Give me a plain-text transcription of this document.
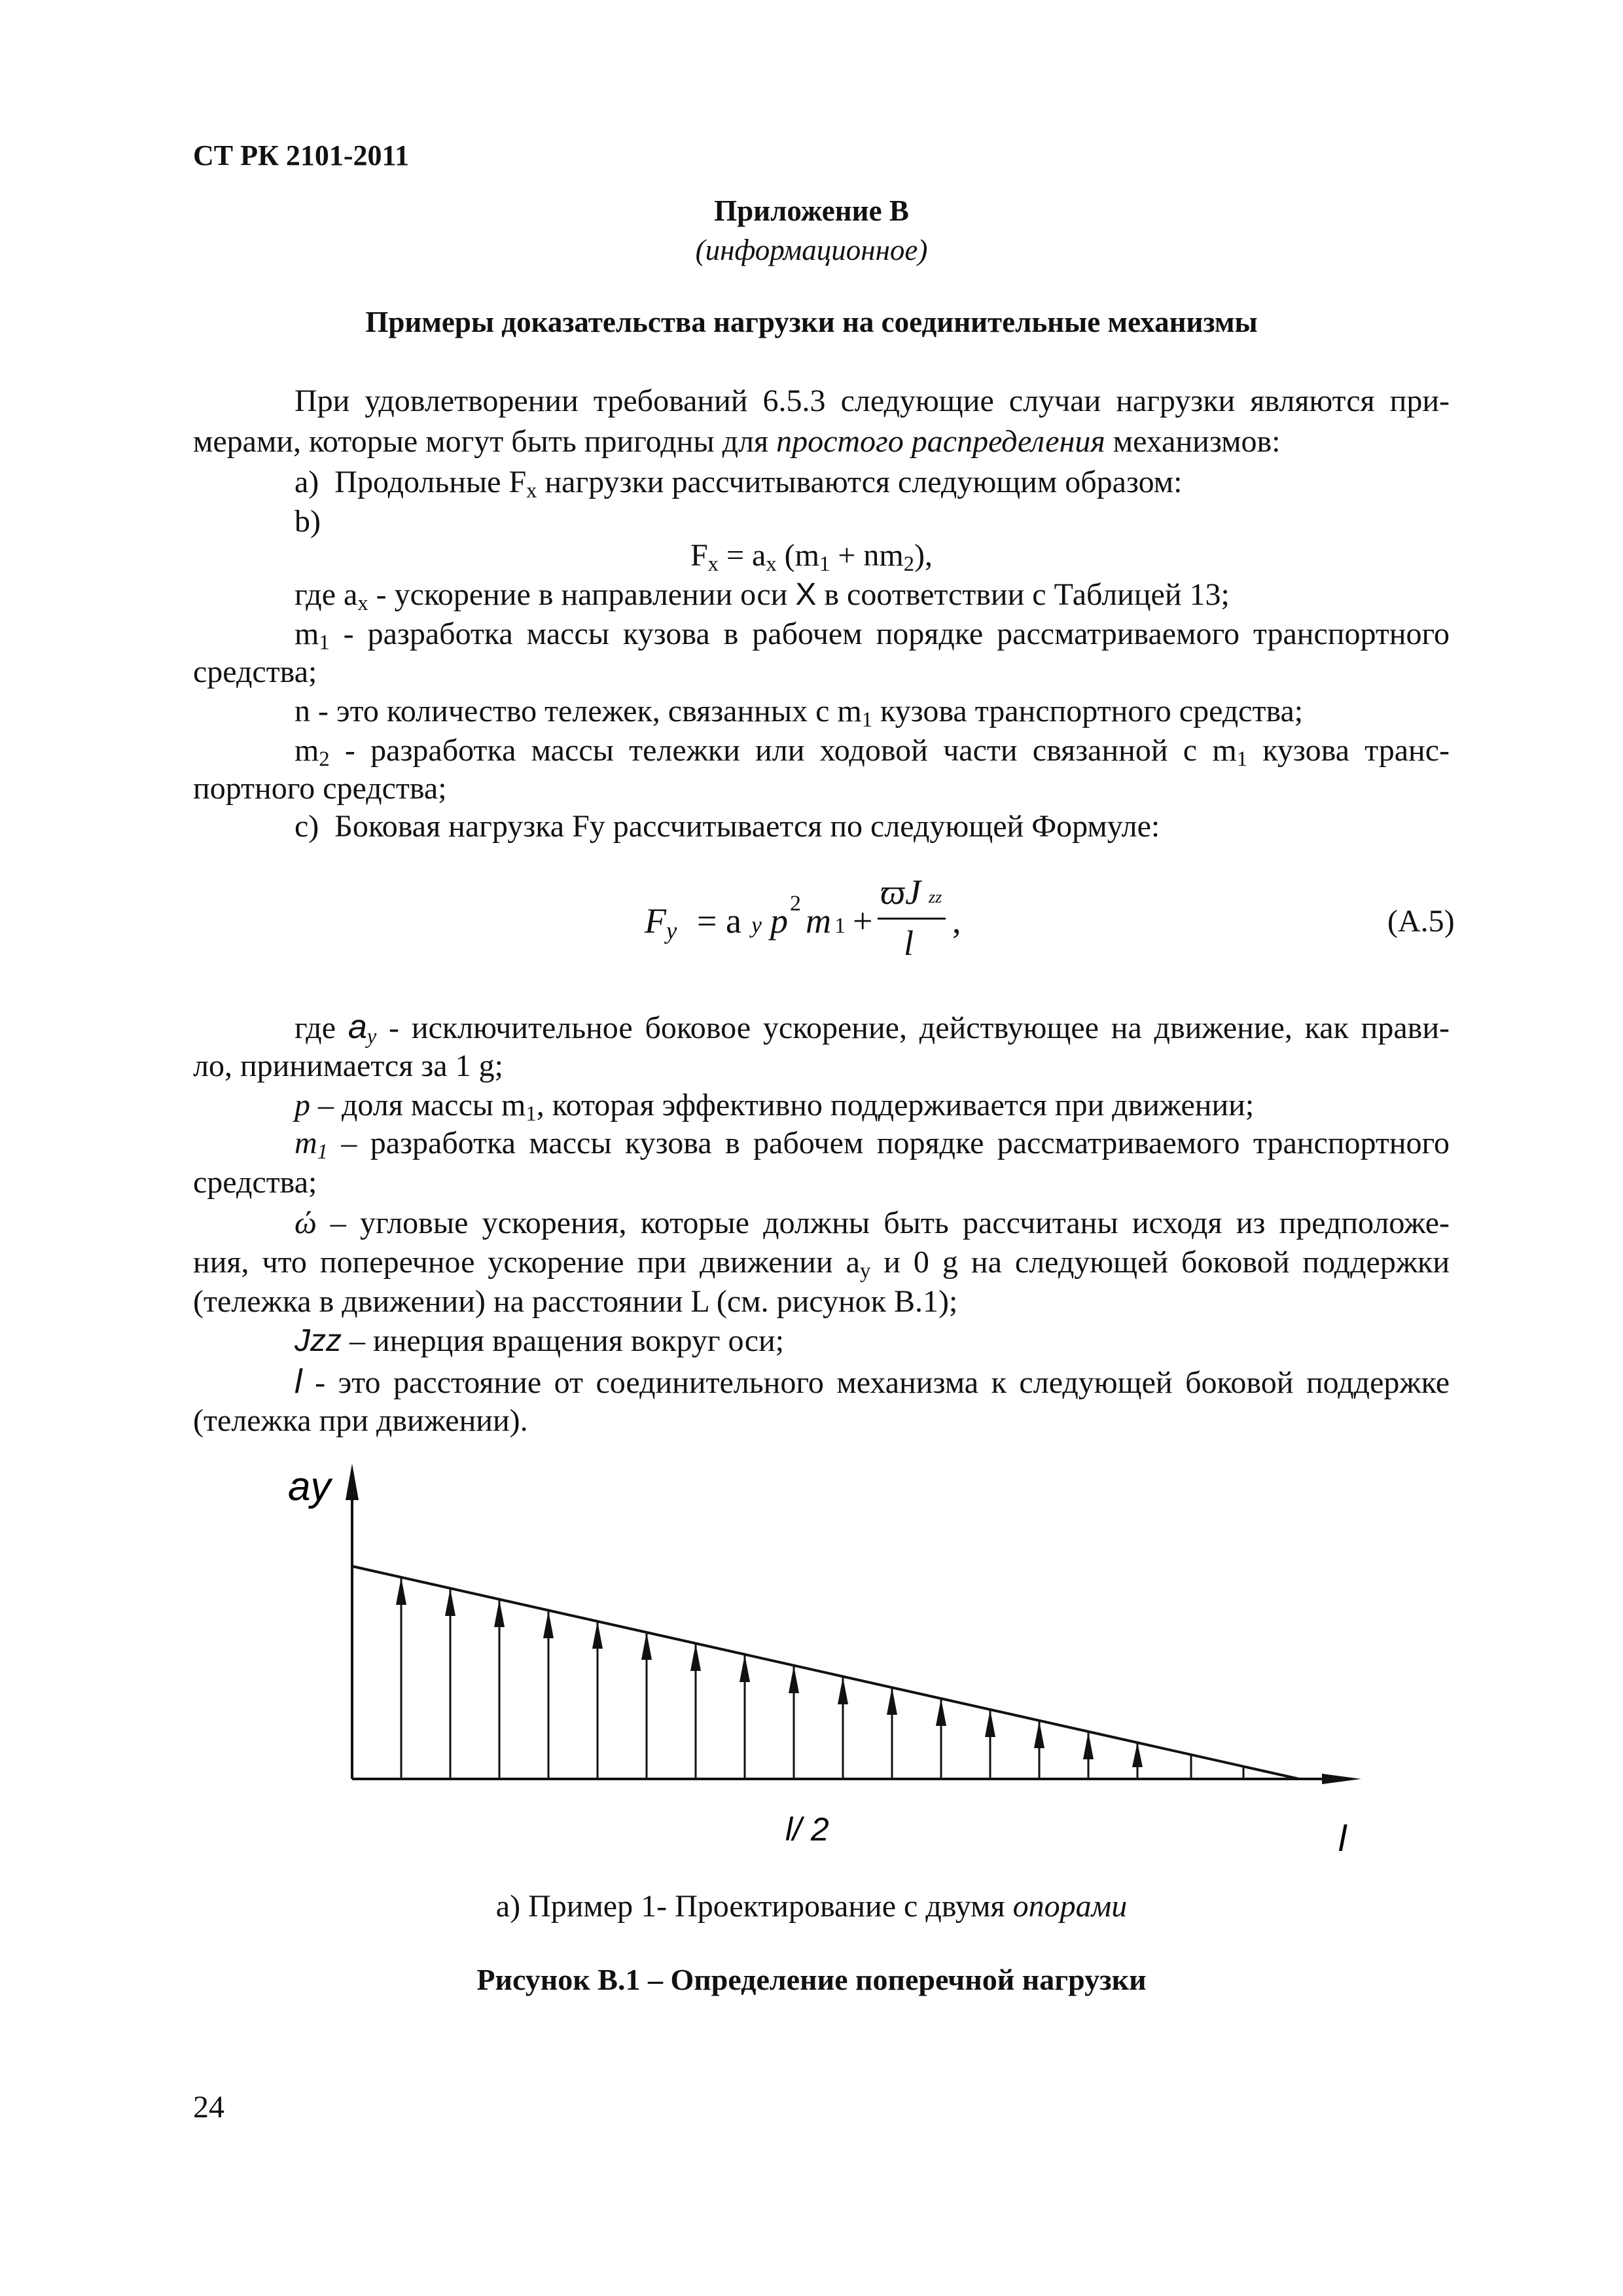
СТ РК 2101-2011
Приложение В
(информационное)
Примеры доказательства нагрузки на соединительные механизмы
При удовлетворении требований 6.5.3 следующие случаи нагрузки являются при-
мерами, которые могут быть пригодны для простого распределения механизмов:
а) Продольные $F_x$ нагрузки рассчитываются следующим образом:
b)
$F_x = a_x$ $(m_1 + nm_2)$,
где $a_x$ - ускорение в направлении оси X в соответствии с Таблицей 13;
$m_1$ - разработка массы кузова в рабочем порядке рассматриваемого транспортного
средства;
n - это количество тележек, связанных с $m_1$ кузова транспортного средства;
$m_2$ - разработка массы тележки или ходовой части связанной с $m_1$ кузова транс-
портного средства;
с) Боковая нагрузка Fy рассчитывается по следующей Формуле:
$F_y = a$ y p 2 m 1 +
ϖJ zz
l
,	(А.5)
где $a_y$ - исключительное боковое ускорение, действующее на движение, как прави-
ло, принимается за 1 g;
p – доля массы $m_1$, которая эффективно поддерживается при движении;
$m_1$ – разработка массы кузова в рабочем порядке рассматриваемого транспортного
средства;
ώ – угловые ускорения, которые должны быть рассчитаны исходя из предположе-
ния, что поперечное ускорение при движении $a_y$ и 0 g на следующей боковой поддержки
(тележка в движении) на расстоянии L (см. рисунок В.1);
Jzz – инерция вращения вокруг оси;
l - это расстояние от соединительного механизма к следующей боковой поддержке
(тележка при движении).
ay
l/ 2	l
а) Пример 1- Проектирование с двумя опорами
Рисунок В.1 – Определение поперечной нагрузки
24
